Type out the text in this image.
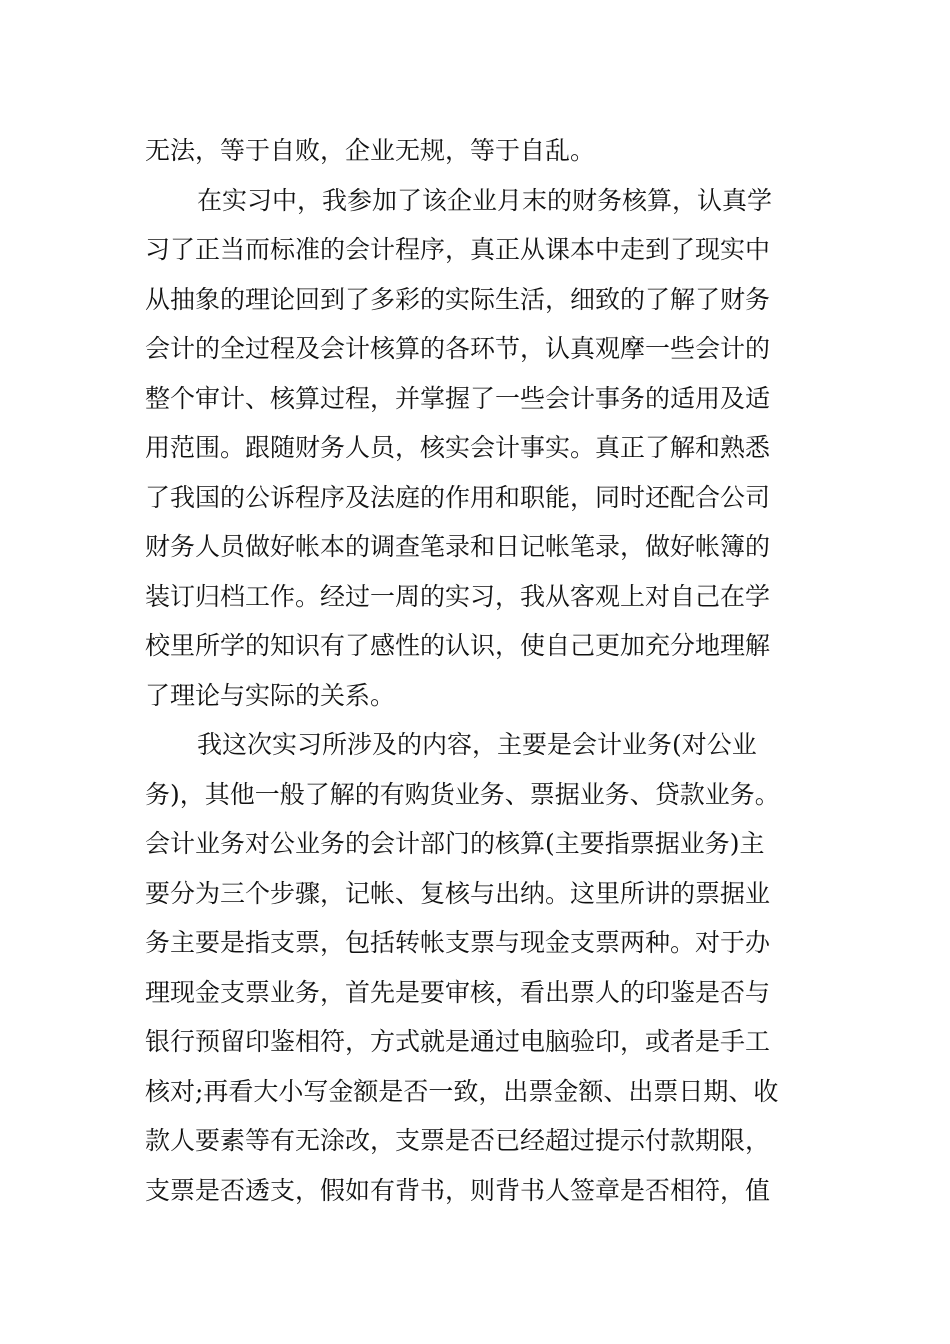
无法，等于自败，企业无规，等于自乱。
在实习中，我参加了该企业月末的财务核算，认真学
习了正当而标准的会计程序，真正从课本中走到了现实中
从抽象的理论回到了多彩的实际生活，细致的了解了财务
会计的全过程及会计核算的各环节，认真观摩一些会计的
整个审计、核算过程，并掌握了一些会计事务的适用及适
用范围。跟随财务人员，核实会计事实。真正了解和熟悉
了我国的公诉程序及法庭的作用和职能，同时还配合公司
财务人员做好帐本的调查笔录和日记帐笔录，做好帐簿的
装订归档工作。经过一周的实习，我从客观上对自己在学
校里所学的知识有了感性的认识，使自己更加充分地理解
了理论与实际的关系。
我这次实习所涉及的内容，主要是会计业务(对公业
务)，其他一般了解的有购货业务、票据业务、贷款业务。
会计业务对公业务的会计部门的核算(主要指票据业务)主
要分为三个步骤，记帐、复核与出纳。这里所讲的票据业
务主要是指支票，包括转帐支票与现金支票两种。对于办
理现金支票业务，首先是要审核，看出票人的印鉴是否与
银行预留印鉴相符，方式就是通过电脑验印，或者是手工
核对;再看大小写金额是否一致，出票金额、出票日期、收
款人要素等有无涂改，支票是否已经超过提示付款期限，
支票是否透支，假如有背书，则背书人签章是否相符，值
